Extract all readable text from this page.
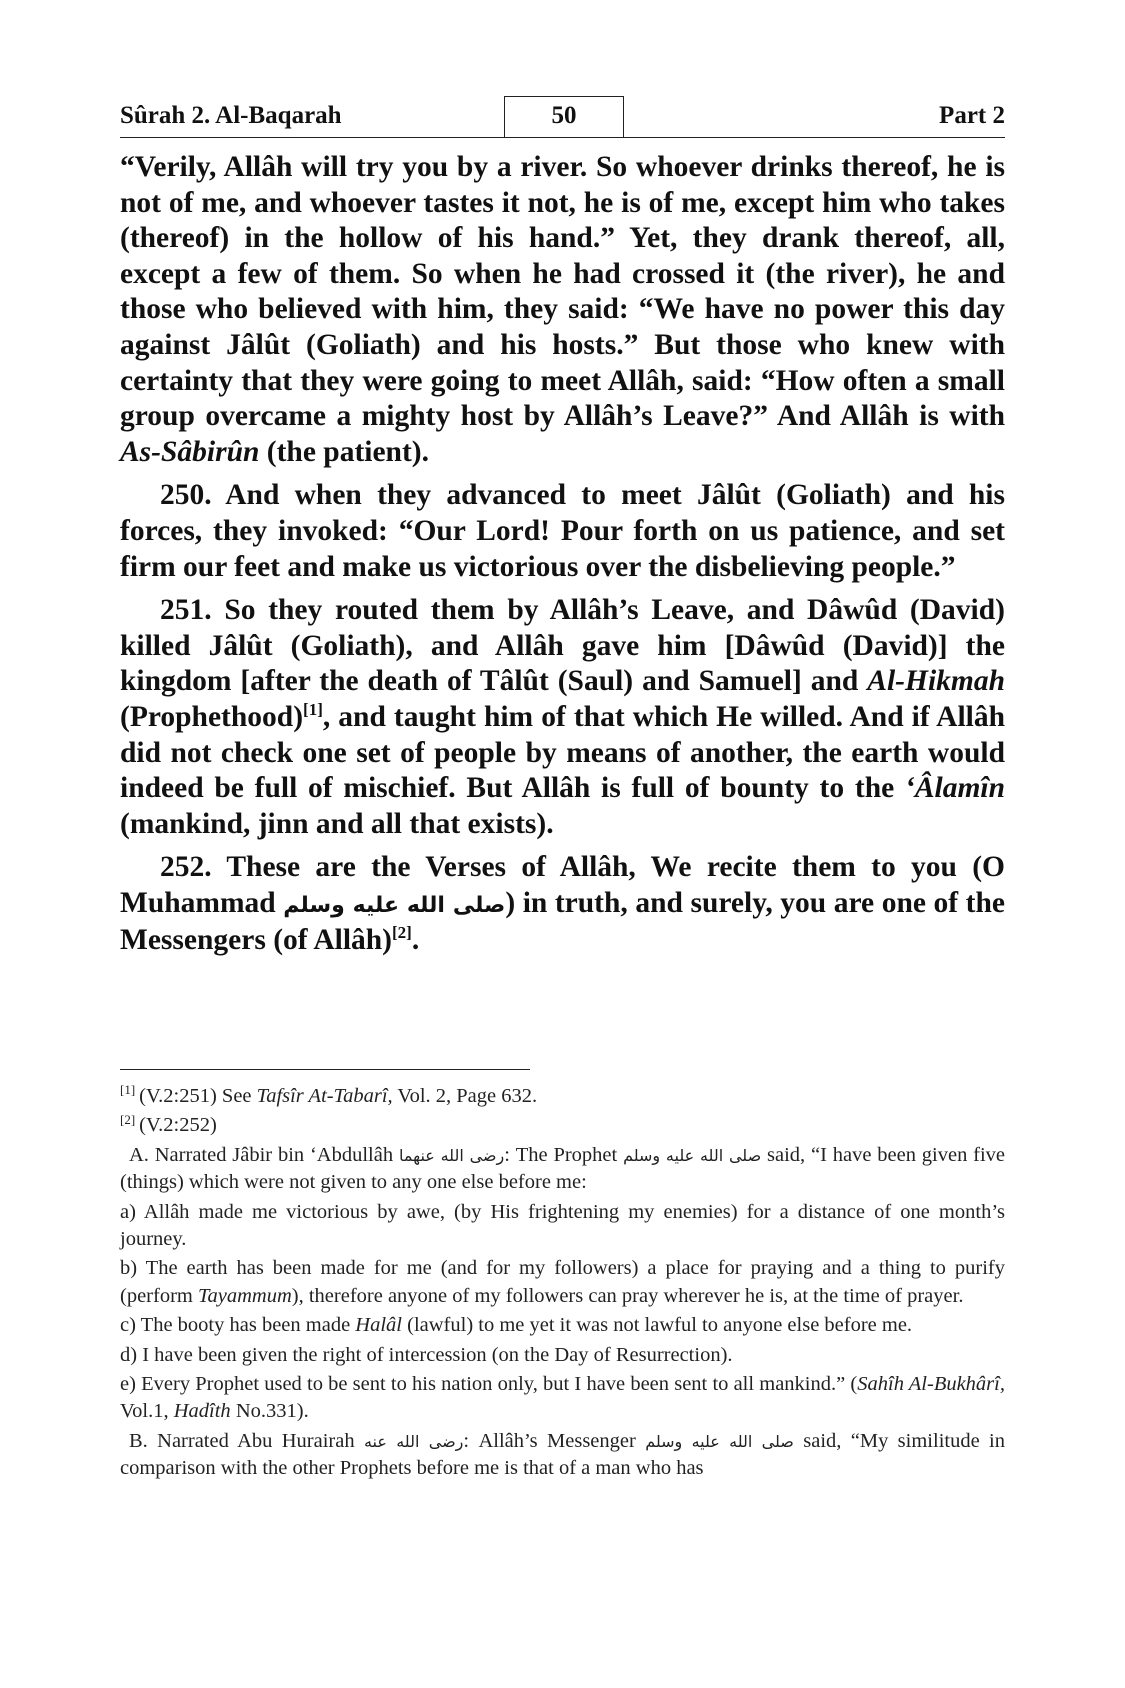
Sûrah 2. Al-Baqarah	50	Part 2

“Verily, Allâh will try you by a river. So whoever drinks thereof, he is not of me, and whoever tastes it not, he is of me, except him who takes (thereof) in the hollow of his hand.” Yet, they drank thereof, all, except a few of them. So when he had crossed it (the river), he and those who believed with him, they said: “We have no power this day against Jâlût (Goliath) and his hosts.” But those who knew with certainty that they were going to meet Allâh, said: “How often a small group overcame a mighty host by Allâh’s Leave?” And Allâh is with As-Sâbirûn (the patient).

250. And when they advanced to meet Jâlût (Goliath) and his forces, they invoked: “Our Lord! Pour forth on us patience, and set firm our feet and make us victorious over the disbelieving people.”

251. So they routed them by Allâh’s Leave, and Dâwûd (David) killed Jâlût (Goliath), and Allâh gave him [Dâwûd (David)] the kingdom [after the death of Tâlût (Saul) and Samuel] and Al-Hikmah (Prophethood)[1], and taught him of that which He willed. And if Allâh did not check one set of people by means of another, the earth would indeed be full of mischief. But Allâh is full of bounty to the ‘Âlamîn (mankind, jinn and all that exists).

252. These are the Verses of Allâh, We recite them to you (O Muhammad صلى الله عليه وسلم) in truth, and surely, you are one of the Messengers (of Allâh)[2].

[1] (V.2:251) See Tafsîr At-Tabarî, Vol. 2, Page 632.

[2] (V.2:252)

A. Narrated Jâbir bin ‘Abdullâh رضى الله عنهما: The Prophet صلى الله عليه وسلم said, “I have been given five (things) which were not given to any one else before me:

a) Allâh made me victorious by awe, (by His frightening my enemies) for a distance of one month’s journey.

b) The earth has been made for me (and for my followers) a place for praying and a thing to purify (perform Tayammum), therefore anyone of my followers can pray wherever he is, at the time of prayer.

c) The booty has been made Halâl (lawful) to me yet it was not lawful to anyone else before me.

d) I have been given the right of intercession (on the Day of Resurrection).

e) Every Prophet used to be sent to his nation only, but I have been sent to all mankind.” (Sahîh Al-Bukhârî, Vol.1, Hadîth No.331).

B. Narrated Abu Hurairah رضى الله عنه: Allâh’s Messenger صلى الله عليه وسلم said, “My similitude in comparison with the other Prophets before me is that of a man who has
